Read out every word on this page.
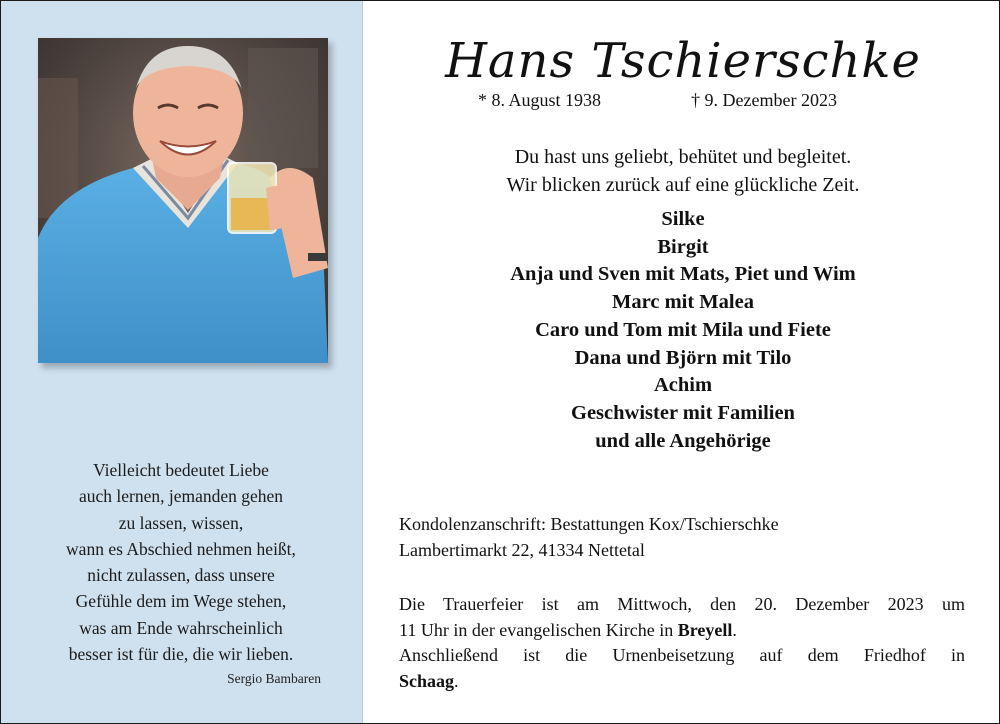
Vielleicht bedeutet Liebe
auch lernen, jemanden gehen
zu lassen, wissen,
wann es Abschied nehmen heißt,
nicht zulassen, dass unsere
Gefühle dem im Wege stehen,
was am Ende wahrscheinlich
besser ist für die, die wir lieben.
Sergio Bambaren
Hans Tschierschke
* 8. August 1938	† 9. Dezember 2023
Du hast uns geliebt, behütet und begleitet.
Wir blicken zurück auf eine glückliche Zeit.
Silke
Birgit
Anja und Sven mit Mats, Piet und Wim
Marc mit Malea
Caro und Tom mit Mila und Fiete
Dana und Björn mit Tilo
Achim
Geschwister mit Familien
und alle Angehörige
Kondolenzanschrift: Bestattungen Kox/Tschierschke
Lambertimarkt 22, 41334 Nettetal
Die Trauerfeier ist am Mittwoch, den 20. Dezember 2023 um
11 Uhr in der evangelischen Kirche in Breyell.
Anschließend ist die Urnenbeisetzung auf dem Friedhof in
Schaag.
